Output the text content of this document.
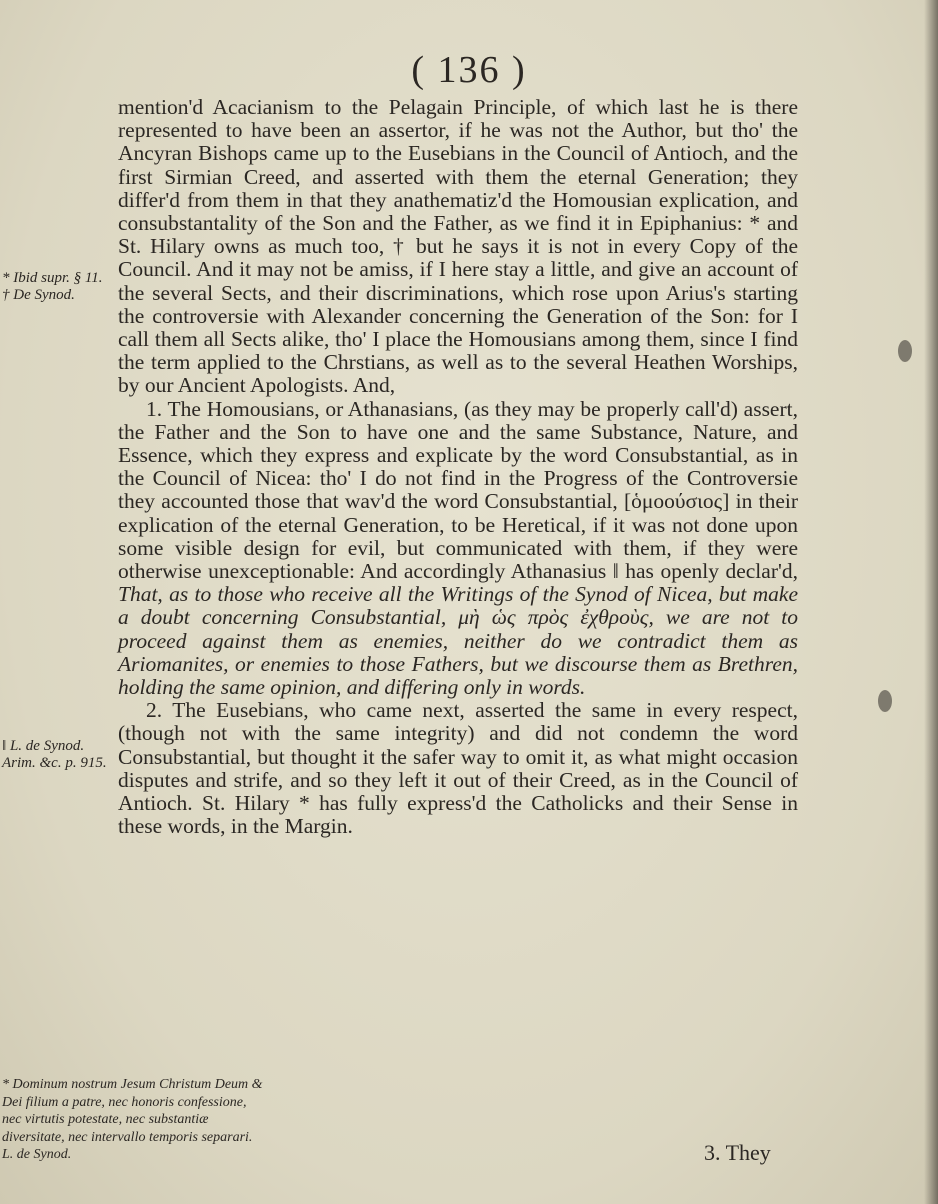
( 136 )

mention'd Acacianism to the Pelagain Principle, of which last he is there represented to have been an assertor, if he was not the Author, but tho' the Ancyran Bishops came up to the Eusebians in the Council of Antioch, and the first Sirmian Creed, and asserted with them the eternal Generation; they differ'd from them in that they anathematiz'd the Homousian explication, and consubstantality of the Son and the Father, as we find it in Epiphanius: * and St. Hilary owns as much too, † but he says it is not in every Copy of the Council. And it may not be amiss, if I here stay a little, and give an account of the several Sects, and their discriminations, which rose upon Arius's starting the controversie with Alexander concerning the Generation of the Son: for I call them all Sects alike, tho' I place the Homousians among them, since I find the term applied to the Chrstians, as well as to the several Heathen Worships, by our Ancient Apologists. And,

1. The Homousians, or Athanasians, (as they may be properly call'd) assert, the Father and the Son to have one and the same Substance, Nature, and Essence, which they express and explicate by the word Consubstantial, as in the Council of Nicea: tho' I do not find in the Progress of the Controversie they accounted those that wav'd the word Consubstantial, [ὁμοούσιος] in their explication of the eternal Generation, to be Heretical, if it was not done upon some visible design for evil, but communicated with them, if they were otherwise unexceptionable: And accordingly Athanasius ‖ has openly declar'd, That, as to those who receive all the Writings of the Synod of Nicea, but make a doubt concerning Consubstantial, μὴ ὡς πρὸς ἐχθροὺς, we are not to proceed against them as enemies, neither do we contradict them as Ariomanites, or enemies to those Fathers, but we discourse them as Brethren, holding the same opinion, and differing only in words.

2. The Eusebians, who came next, asserted the same in every respect, (though not with the same integrity) and did not condemn the word Consubstantial, but thought it the safer way to omit it, as what might occasion disputes and strife, and so they left it out of their Creed, as in the Council of Antioch. St. Hilary * has fully express'd the Catholicks and their Sense in these words, in the Margin.

* Ibid supr. § 11. † De Synod.
‖ L. de Synod. Arim. &c. p. 915.
* Dominum nostrum Jesum Christum Deum & Dei filium a patre, nec honoris confessione, nec virtutis potestate, nec substantiæ diversitate, nec intervallo temporis separari. L. de Synod.	3. They
